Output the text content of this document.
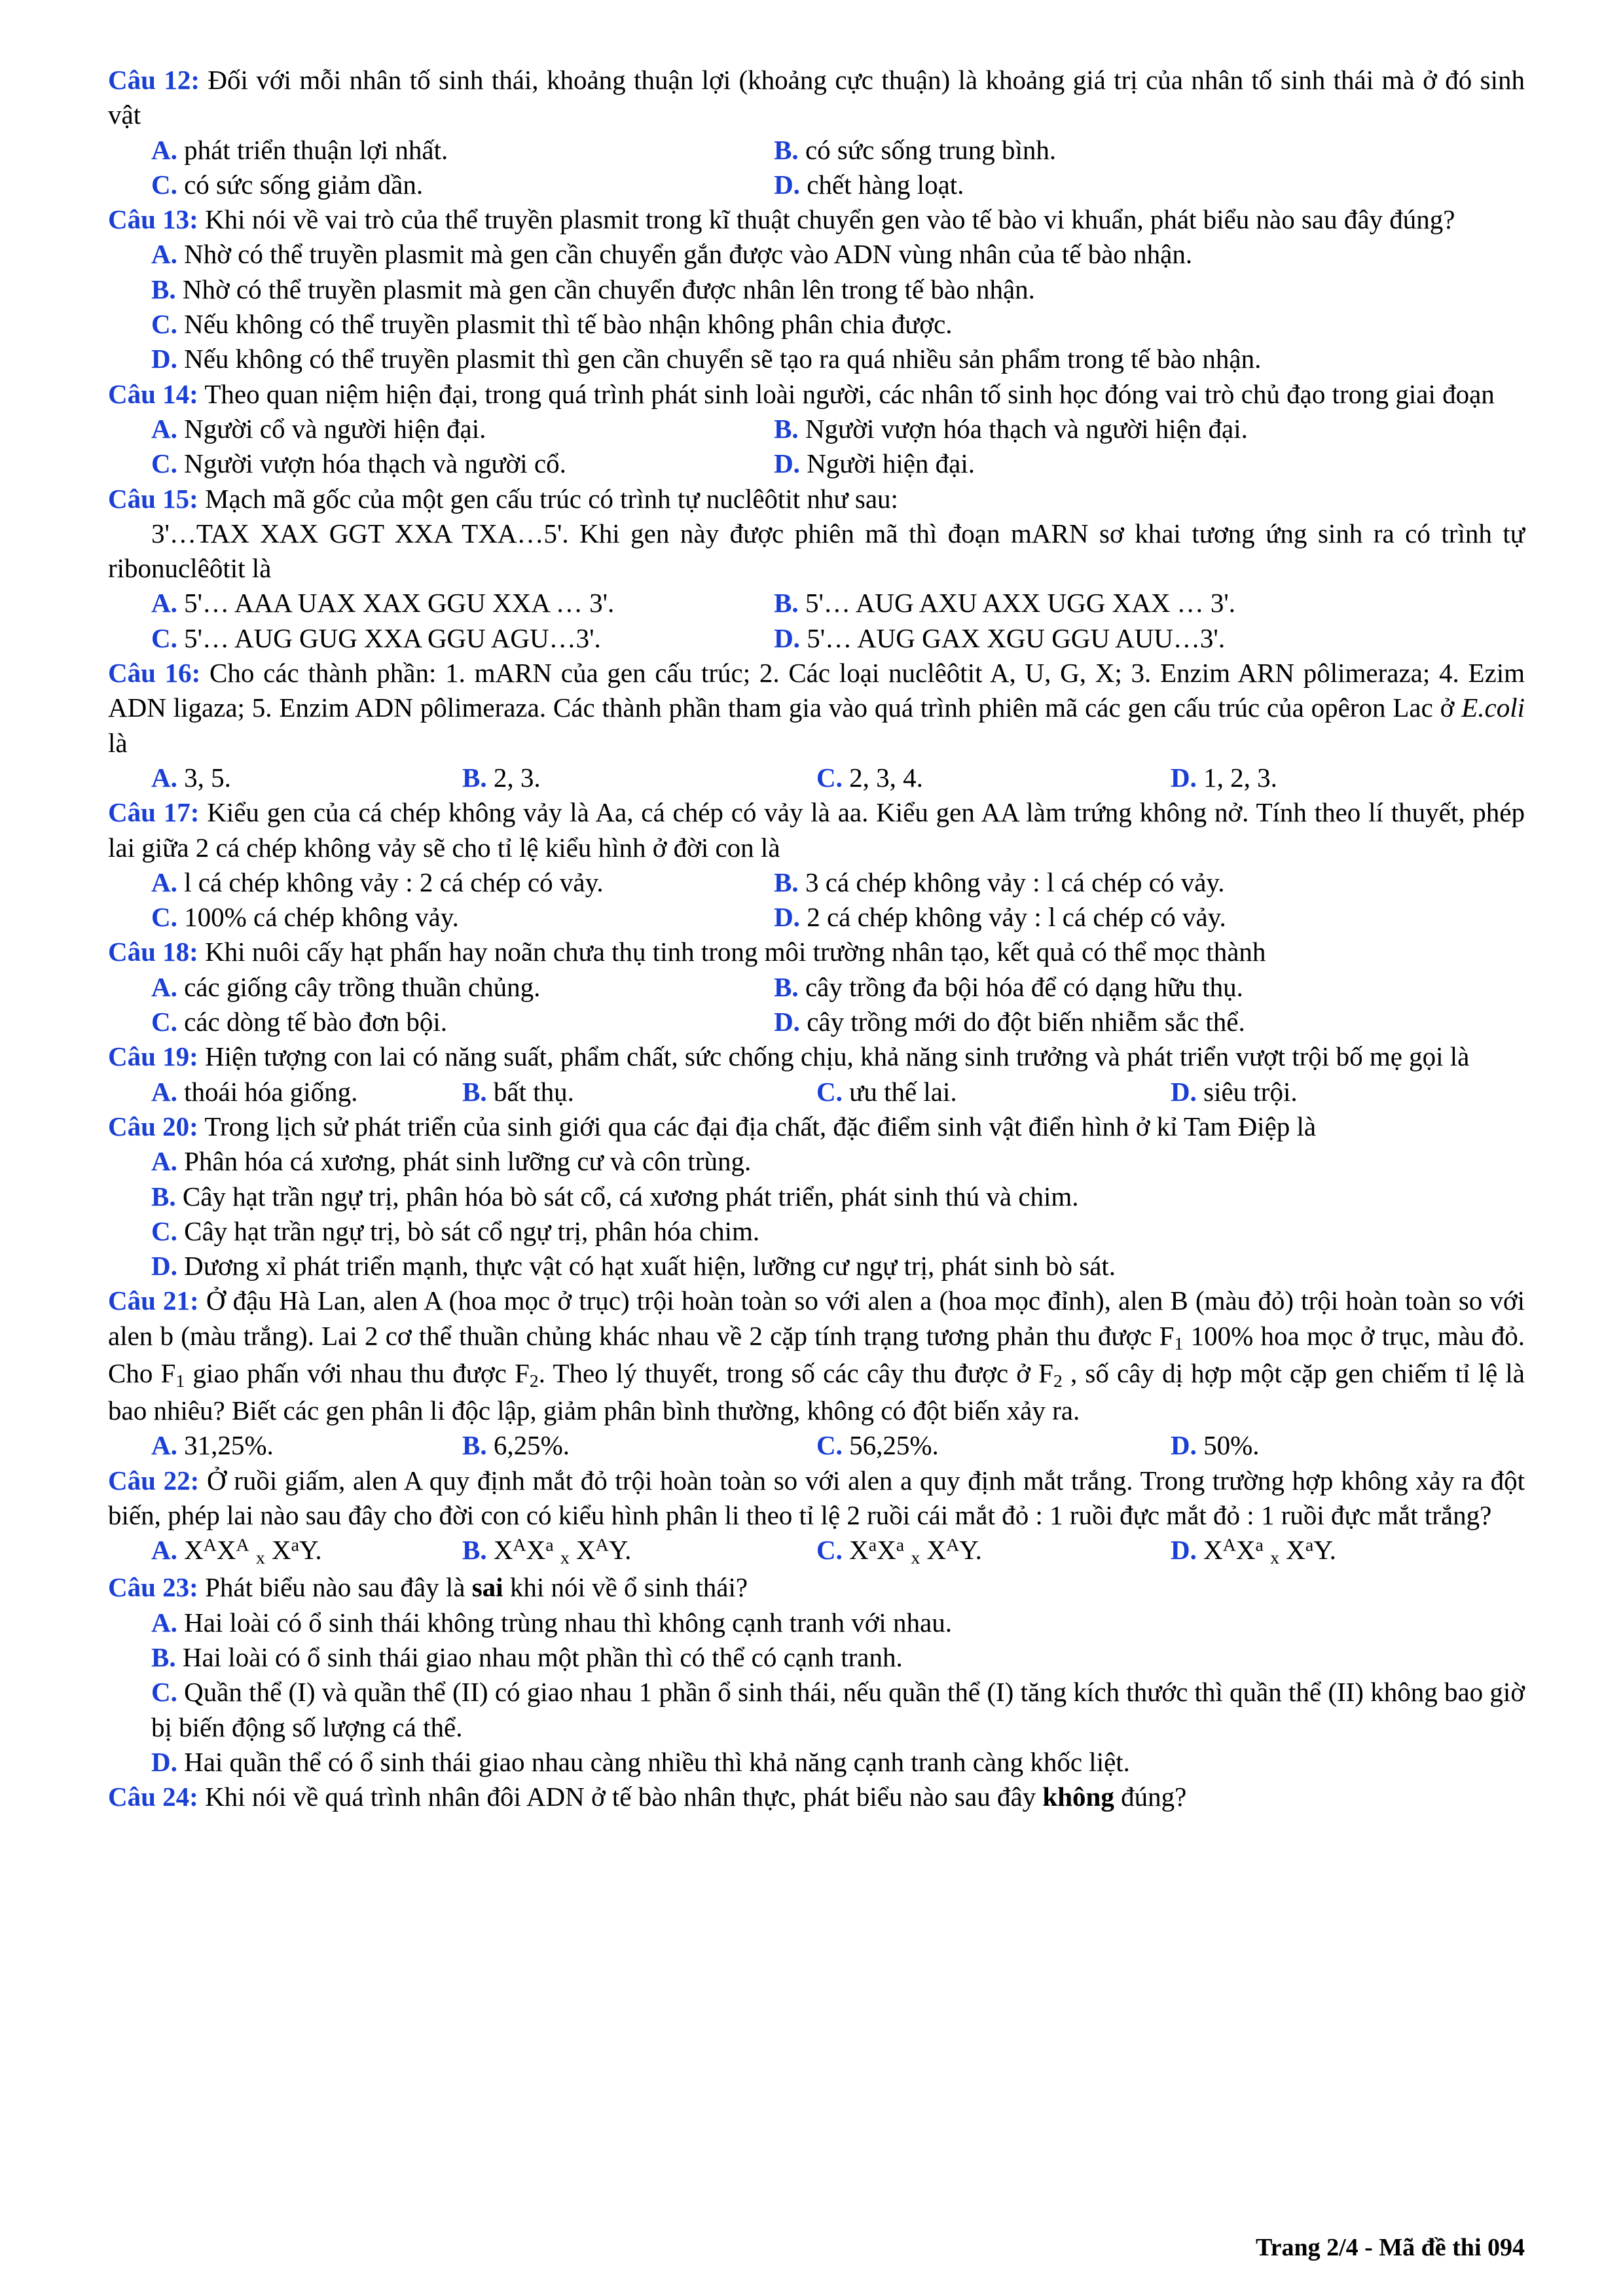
Câu 12: Đối với mỗi nhân tố sinh thái, khoảng thuận lợi (khoảng cực thuận) là khoảng giá trị của nhân tố sinh thái mà ở đó sinh vật

A. phát triển thuận lợi nhất.	B. có sức sống trung bình.
C. có sức sống giảm dần.	D. chết hàng loạt.

Câu 13: Khi nói về vai trò của thể truyền plasmit trong kĩ thuật chuyển gen vào tế bào vi khuẩn, phát biểu nào sau đây đúng?

A. Nhờ có thể truyền plasmit mà gen cần chuyển gắn được vào ADN vùng nhân của tế bào nhận.

B. Nhờ có thể truyền plasmit mà gen cần chuyển được nhân lên trong tế bào nhận.

C. Nếu không có thể truyền plasmit thì tế bào nhận không phân chia được.

D. Nếu không có thể truyền plasmit thì gen cần chuyển sẽ tạo ra quá nhiều sản phẩm trong tế bào nhận.

Câu 14: Theo quan niệm hiện đại, trong quá trình phát sinh loài người, các nhân tố sinh học đóng vai trò chủ đạo trong giai đoạn

A. Người cổ và người hiện đại.	B. Người vượn hóa thạch và người hiện đại.
C. Người vượn hóa thạch và người cổ.	D. Người hiện đại.

Câu 15: Mạch mã gốc của một gen cấu trúc có trình tự nuclêôtit như sau:

3'…TAX XAX GGT XXA TXA…5'. Khi gen này được phiên mã thì đoạn mARN sơ khai tương ứng sinh ra có trình tự ribonuclêôtit là

A. 5'… AAA UAX XAX GGU XXA … 3'.	B. 5'… AUG AXU AXX UGG XAX … 3'.
C. 5'… AUG GUG XXA GGU AGU…3'.	D. 5'… AUG GAX XGU GGU AUU…3'.

Câu 16: Cho các thành phần: 1. mARN của gen cấu trúc; 2. Các loại nuclêôtit A, U, G, X; 3. Enzim ARN pôlimeraza; 4. Ezim ADN ligaza; 5. Enzim ADN pôlimeraza. Các thành phần tham gia vào quá trình phiên mã các gen cấu trúc của opêron Lac ở E.coli là

A. 3, 5.	B. 2, 3.	C. 2, 3, 4.	D. 1, 2, 3.

Câu 17: Kiểu gen của cá chép không vảy là Aa, cá chép có vảy là aa. Kiểu gen AA làm trứng không nở. Tính theo lí thuyết, phép lai giữa 2 cá chép không vảy sẽ cho tỉ lệ kiểu hình ở đời con là

A. l cá chép không vảy : 2 cá chép có vảy.	B. 3 cá chép không vảy : l cá chép có vảy.
C. 100% cá chép không vảy.	D. 2 cá chép không vảy : l cá chép có vảy.

Câu 18: Khi nuôi cấy hạt phấn hay noãn chưa thụ tinh trong môi trường nhân tạo, kết quả có thể mọc thành

A. các giống cây trồng thuần chủng.	B. cây trồng đa bội hóa để có dạng hữu thụ.
C. các dòng tế bào đơn bội.	D. cây trồng mới do đột biến nhiễm sắc thể.

Câu 19: Hiện tượng con lai có năng suất, phẩm chất, sức chống chịu, khả năng sinh trưởng và phát triển vượt trội bố mẹ gọi là

A. thoái hóa giống.	B. bất thụ.	C. ưu thế lai.	D. siêu trội.

Câu 20: Trong lịch sử phát triển của sinh giới qua các đại địa chất, đặc điểm sinh vật điển hình ở kỉ Tam Điệp là

A. Phân hóa cá xương, phát sinh lưỡng cư và côn trùng.

B. Cây hạt trần ngự trị, phân hóa bò sát cổ, cá xương phát triển, phát sinh thú và chim.

C. Cây hạt trần ngự trị, bò sát cổ ngự trị, phân hóa chim.

D. Dương xỉ phát triển mạnh, thực vật có hạt xuất hiện, lưỡng cư ngự trị, phát sinh bò sát.

Câu 21: Ở đậu Hà Lan, alen A (hoa mọc ở trục) trội hoàn toàn so với alen a (hoa mọc đỉnh), alen B (màu đỏ) trội hoàn toàn so với alen b (màu trắng). Lai 2 cơ thể thuần chủng khác nhau về 2 cặp tính trạng tương phản thu được $F_1$ 100% hoa mọc ở trục, màu đỏ. Cho $F_1$ giao phấn với nhau thu được $F_2$. Theo lý thuyết, trong số các cây thu được ở $F_2$ , số cây dị hợp một cặp gen chiếm tỉ lệ là bao nhiêu? Biết các gen phân li độc lập, giảm phân bình thường, không có đột biến xảy ra.

A. 31,25%.	B. 6,25%.	C. 56,25%.	D. 50%.

Câu 22: Ở ruồi giấm, alen A quy định mắt đỏ trội hoàn toàn so với alen a quy định mắt trắng. Trong trường hợp không xảy ra đột biến, phép lai nào sau đây cho đời con có kiểu hình phân li theo tỉ lệ 2 ruồi cái mắt đỏ : 1 ruồi đực mắt đỏ : 1 ruồi đực mắt trắng?

A. $X^AX^A$ $_x$ $X^aY$.	B. $X^AX^a$ $_x$ $X^AY$.	C. $X^aX^a$ $_x$ $X^AY$.	D. $X^AX^a$ $_x$ $X^aY$.

Câu 23: Phát biểu nào sau đây là sai khi nói về ổ sinh thái?

A. Hai loài có ổ sinh thái không trùng nhau thì không cạnh tranh với nhau.

B. Hai loài có ổ sinh thái giao nhau một phần thì có thể có cạnh tranh.

C. Quần thể (I) và quần thể (II) có giao nhau 1 phần ổ sinh thái, nếu quần thể (I) tăng kích thước thì quần thể (II) không bao giờ bị biến động số lượng cá thể.

D. Hai quần thể có ổ sinh thái giao nhau càng nhiều thì khả năng cạnh tranh càng khốc liệt.

Câu 24: Khi nói về quá trình nhân đôi ADN ở tế bào nhân thực, phát biểu nào sau đây không đúng?

Trang 2/4 - Mã đề thi 094
